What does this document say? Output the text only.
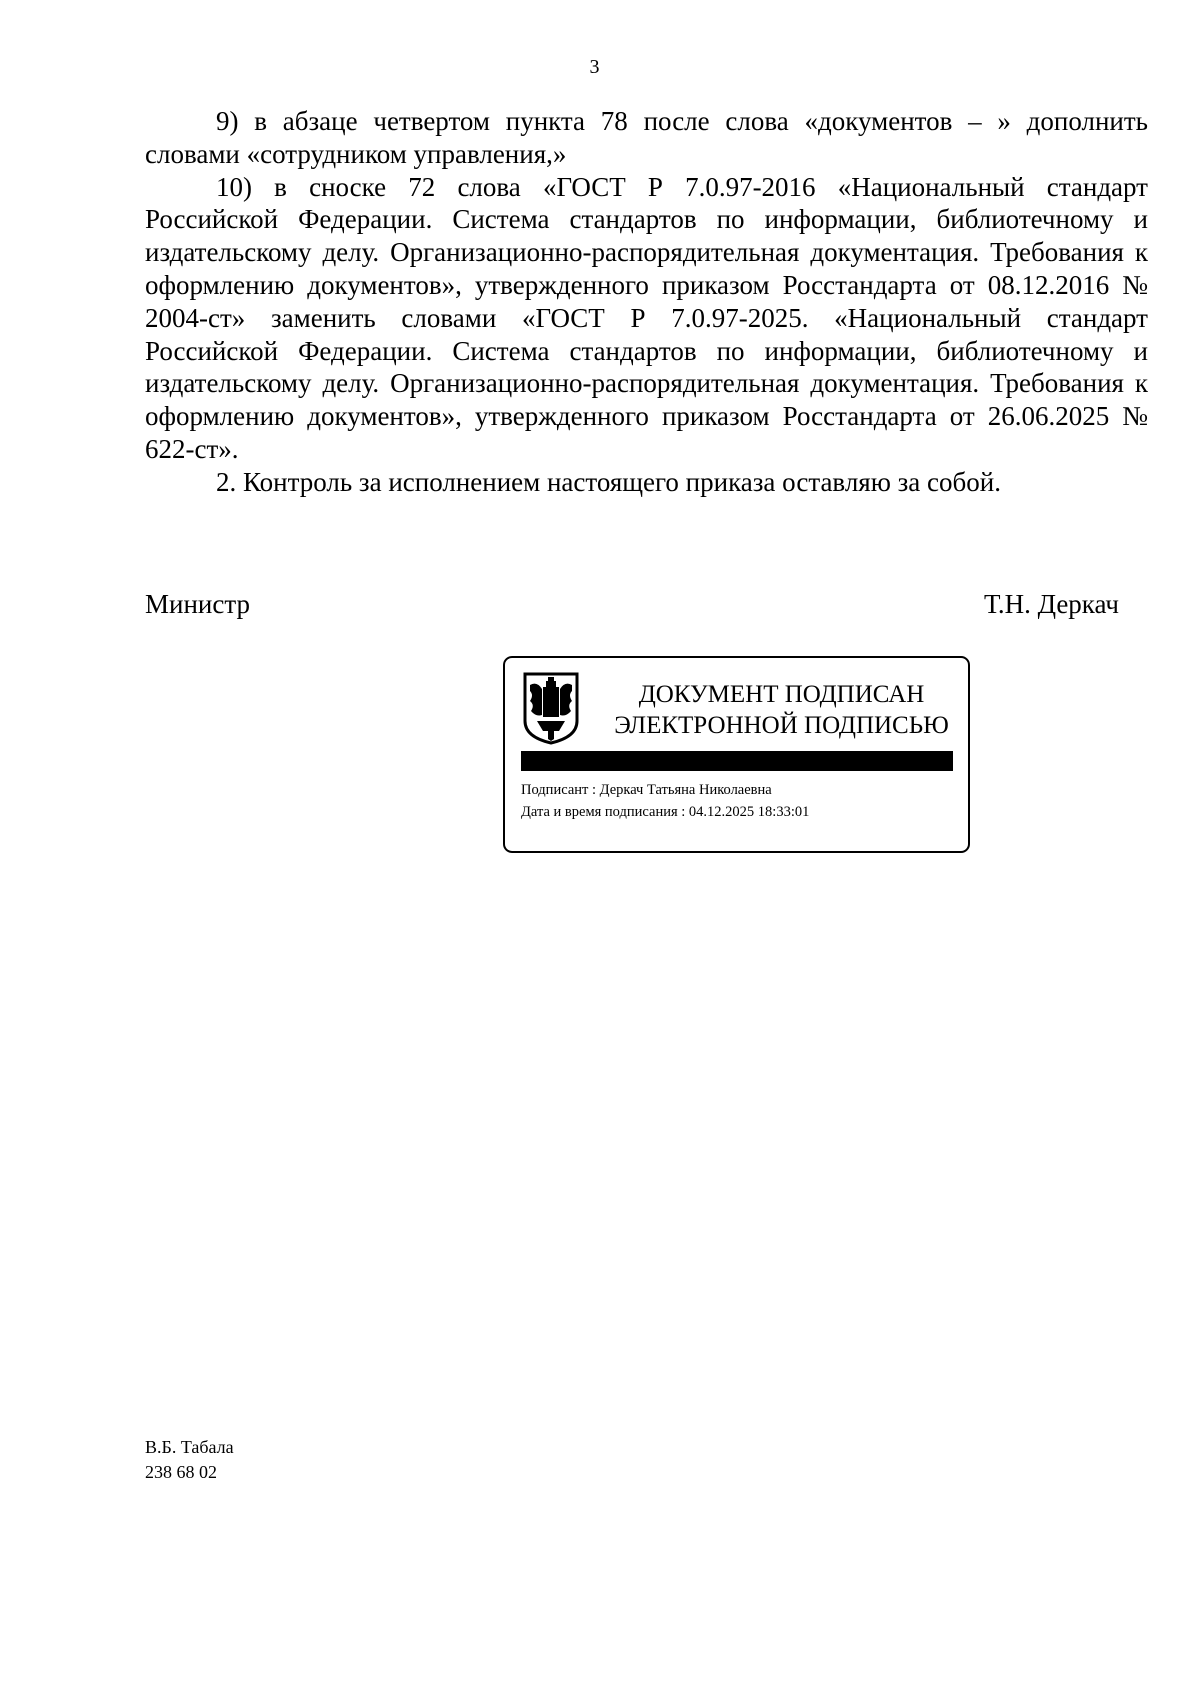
3

9) в абзаце четвертом пункта 78 после слова «документов – » дополнить словами «сотрудником управления,»

10) в сноске 72 слова «ГОСТ Р 7.0.97-2016 «Национальный стандарт Российской Федерации. Система стандартов по информации, библиотечному и издательскому делу. Организационно-распорядительная документация. Требования к оформлению документов», утвержденного приказом Росстандарта от 08.12.2016 № 2004-ст» заменить словами «ГОСТ Р 7.0.97-2025. «Национальный стандарт Российской Федерации. Система стандартов по информации, библиотечному и издательскому делу. Организационно-распорядительная документация. Требования к оформлению документов», утвержденного приказом Росстандарта от 26.06.2025 № 622-ст».

2. Контроль за исполнением настоящего приказа оставляю за собой.

Министр	Т.Н. Деркач
ДОКУМЕНТ ПОДПИСАН
ЭЛЕКТРОННОЙ ПОДПИСЬЮ
Подписант : Деркач Татьяна Николаевна
Дата и время подписания : 04.12.2025 18:33:01
В.Б. Табала
238 68 02
